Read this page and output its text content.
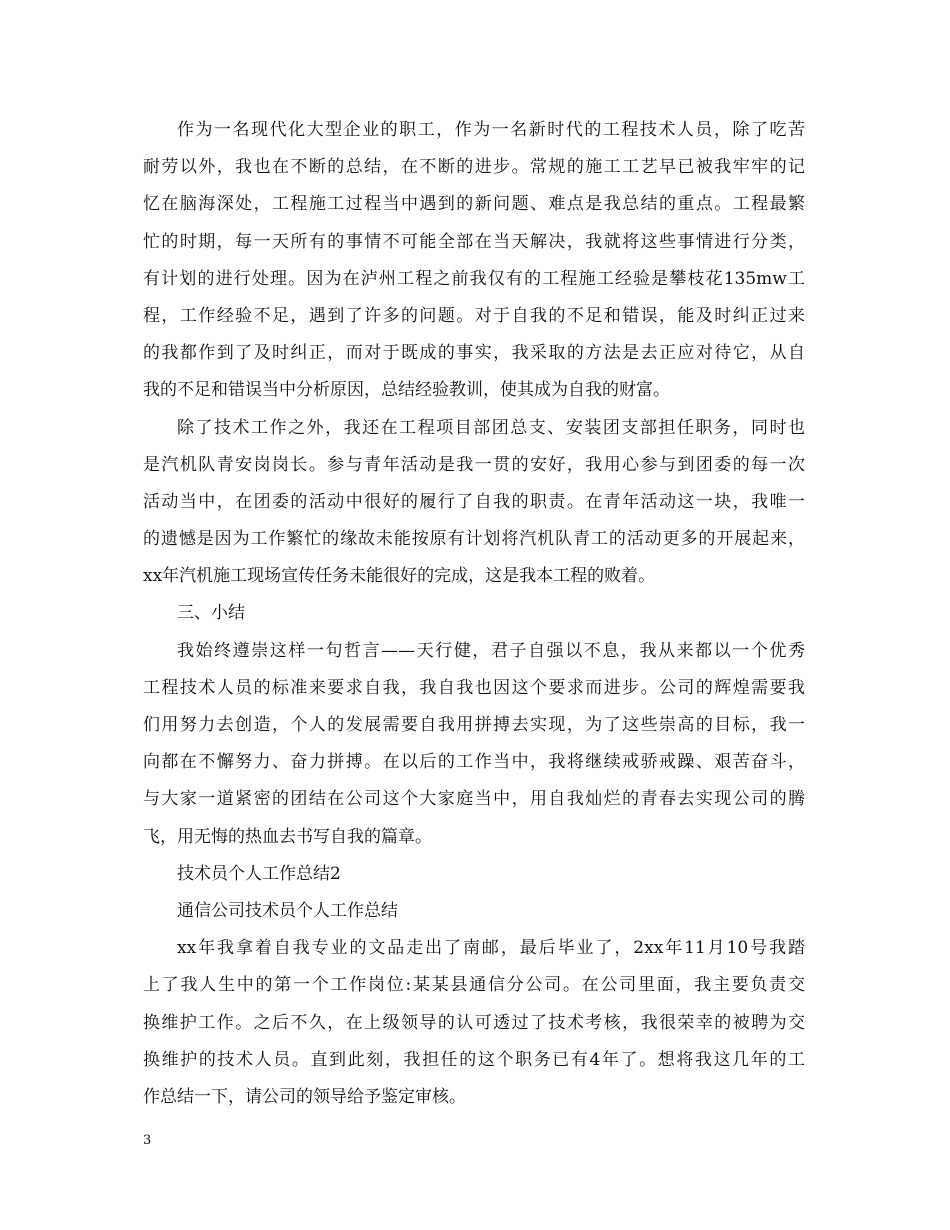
作为一名现代化大型企业的职工，作为一名新时代的工程技术人员，除了吃苦
耐劳以外，我也在不断的总结，在不断的进步。常规的施工工艺早已被我牢牢的记
忆在脑海深处，工程施工过程当中遇到的新问题、难点是我总结的重点。工程最繁
忙的时期，每一天所有的事情不可能全部在当天解决，我就将这些事情进行分类，
有计划的进行处理。因为在泸州工程之前我仅有的工程施工经验是攀枝花135mw工
程，工作经验不足，遇到了许多的问题。对于自我的不足和错误，能及时纠正过来
的我都作到了及时纠正，而对于既成的事实，我采取的方法是去正应对待它，从自
我的不足和错误当中分析原因，总结经验教训，使其成为自我的财富。
除了技术工作之外，我还在工程项目部团总支、安装团支部担任职务，同时也
是汽机队青安岗岗长。参与青年活动是我一贯的安好，我用心参与到团委的每一次
活动当中，在团委的活动中很好的履行了自我的职责。在青年活动这一块，我唯一
的遗憾是因为工作繁忙的缘故未能按原有计划将汽机队青工的活动更多的开展起来，
xx年汽机施工现场宣传任务未能很好的完成，这是我本工程的败着。
三、小结
我始终遵崇这样一句哲言——天行健，君子自强以不息，我从来都以一个优秀
工程技术人员的标准来要求自我，我自我也因这个要求而进步。公司的辉煌需要我
们用努力去创造，个人的发展需要自我用拼搏去实现，为了这些崇高的目标，我一
向都在不懈努力、奋力拼搏。在以后的工作当中，我将继续戒骄戒躁、艰苦奋斗，
与大家一道紧密的团结在公司这个大家庭当中，用自我灿烂的青春去实现公司的腾
飞，用无悔的热血去书写自我的篇章。
技术员个人工作总结2
通信公司技术员个人工作总结
xx年我拿着自我专业的文品走出了南邮，最后毕业了，2xx年11月10号我踏
上了我人生中的第一个工作岗位:某某县通信分公司。在公司里面，我主要负责交
换维护工作。之后不久，在上级领导的认可透过了技术考核，我很荣幸的被聘为交
换维护的技术人员。直到此刻，我担任的这个职务已有4年了。想将我这几年的工
作总结一下，请公司的领导给予鉴定审核。
3
